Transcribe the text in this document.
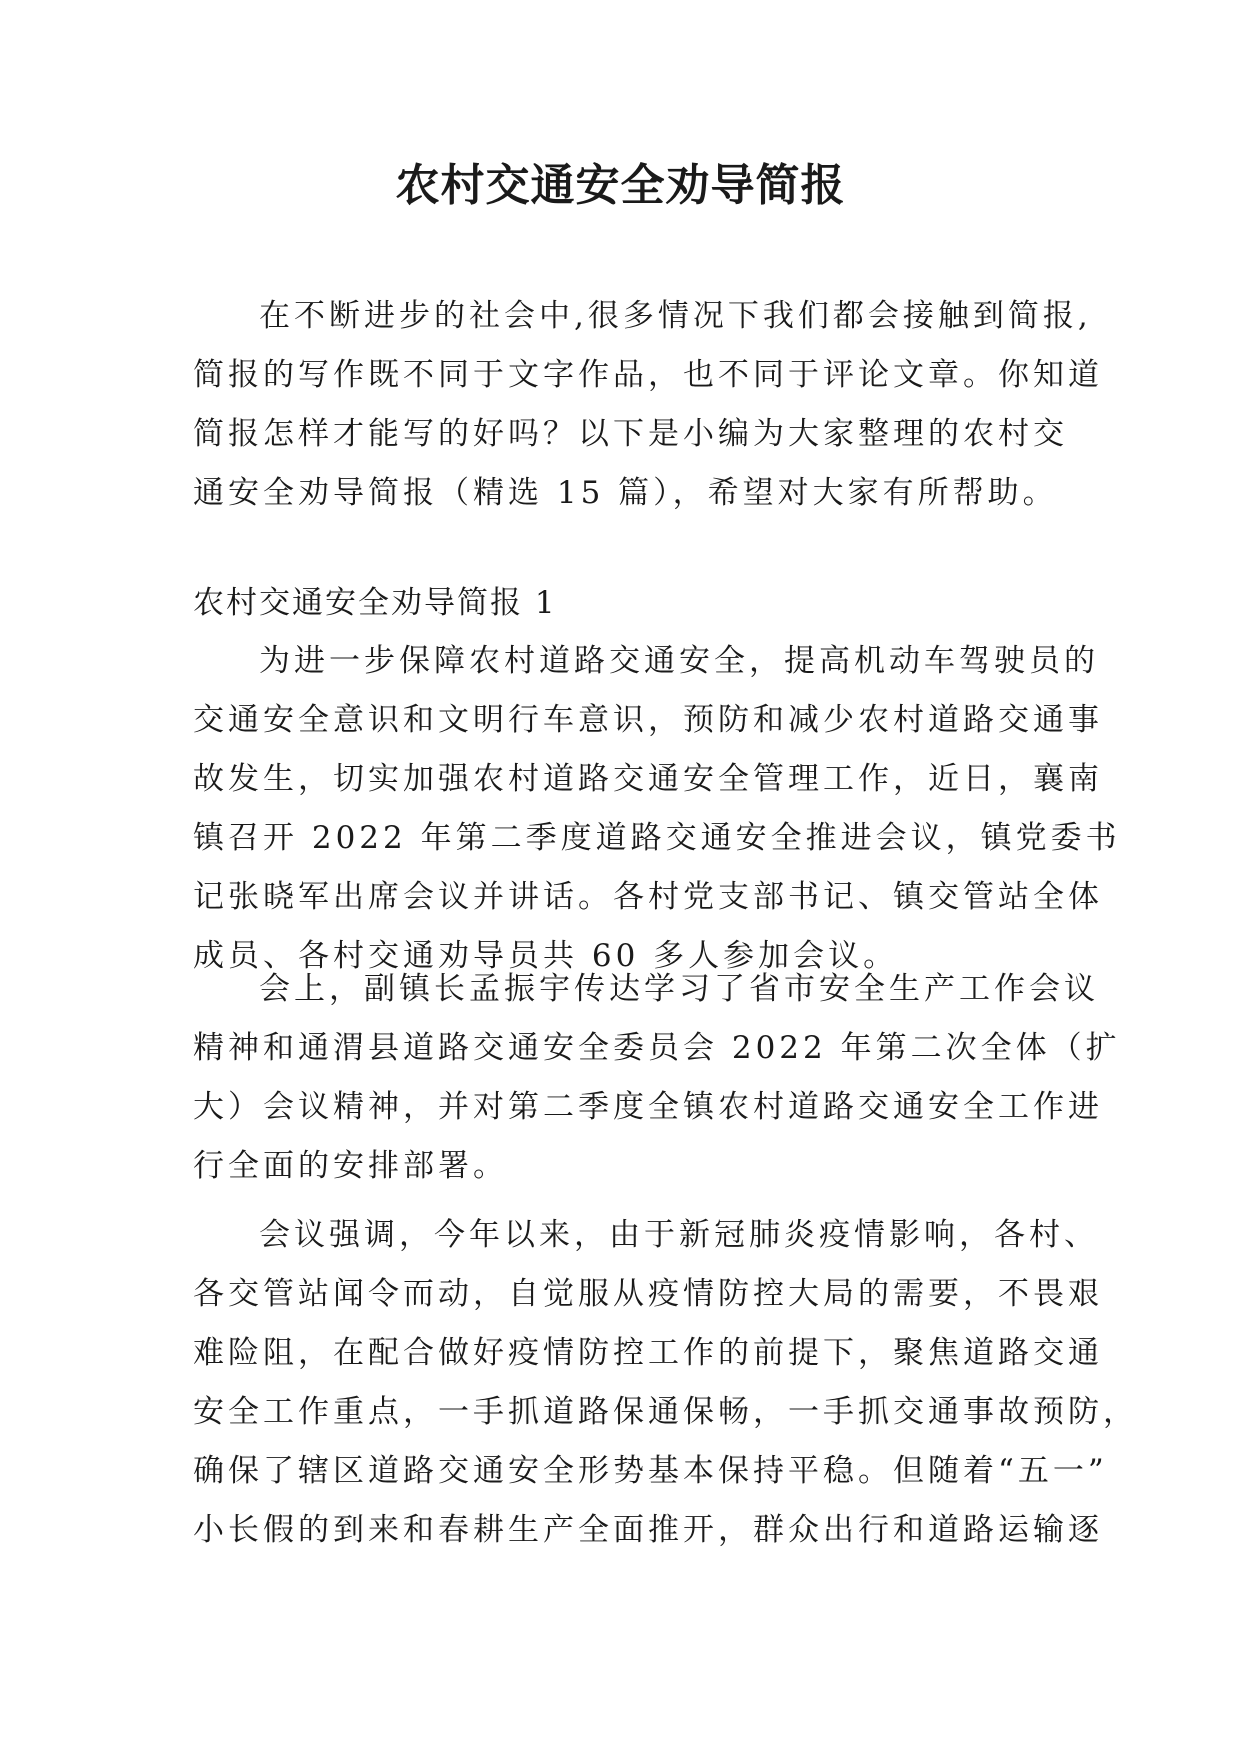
农村交通安全劝导简报

在不断进步的社会中,很多情况下我们都会接触到简报,
简报的写作既不同于文字作品，也不同于评论文章。你知道
简报怎样才能写的好吗？以下是小编为大家整理的农村交
通安全劝导简报（精选 15 篇），希望对大家有所帮助。

农村交通安全劝导简报 1

为进一步保障农村道路交通安全，提高机动车驾驶员的
交通安全意识和文明行车意识，预防和减少农村道路交通事
故发生，切实加强农村道路交通安全管理工作，近日，襄南
镇召开 2022 年第二季度道路交通安全推进会议，镇党委书
记张晓军出席会议并讲话。各村党支部书记、镇交管站全体
成员、各村交通劝导员共 60 多人参加会议。

会上，副镇长孟振宇传达学习了省市安全生产工作会议
精神和通渭县道路交通安全委员会 2022 年第二次全体（扩
大）会议精神，并对第二季度全镇农村道路交通安全工作进
行全面的安排部署。

会议强调，今年以来，由于新冠肺炎疫情影响，各村、
各交管站闻令而动，自觉服从疫情防控大局的需要，不畏艰
难险阻，在配合做好疫情防控工作的前提下，聚焦道路交通
安全工作重点，一手抓道路保通保畅，一手抓交通事故预防，
确保了辖区道路交通安全形势基本保持平稳。但随着“五一”
小长假的到来和春耕生产全面推开，群众出行和道路运输逐
